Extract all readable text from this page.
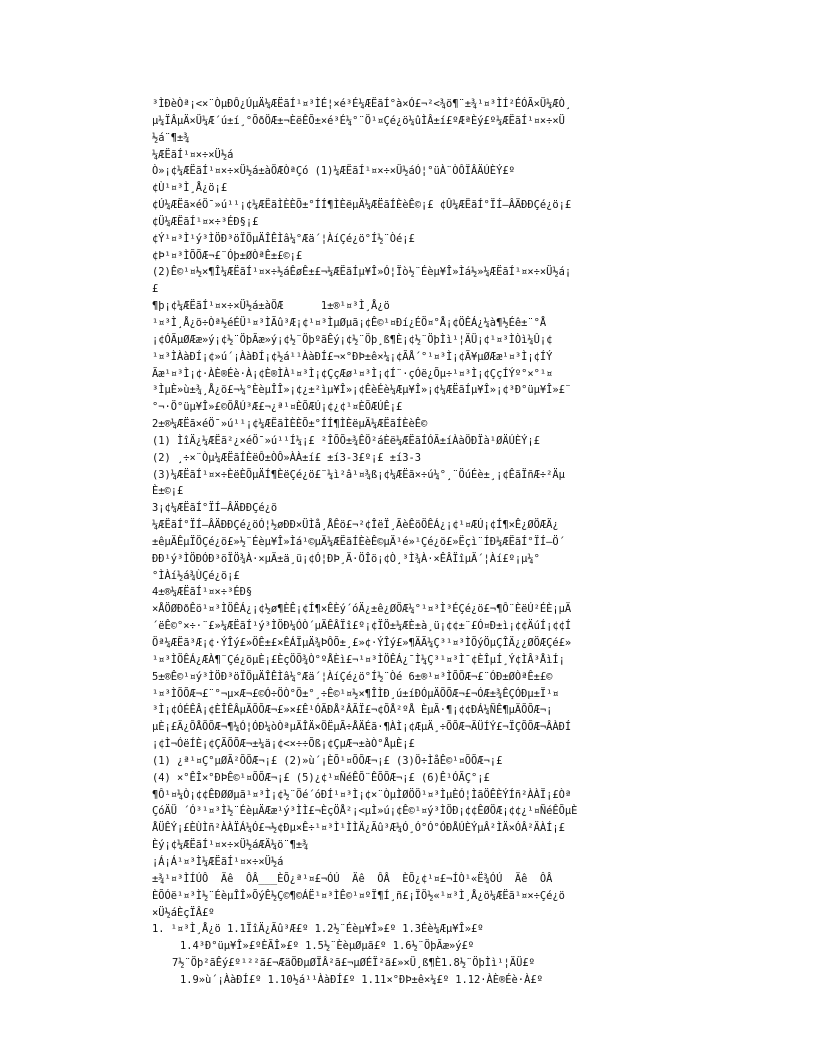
³ÌÐèÒª¡<×¨ÒµÐÔ¿ÚµÄ¼ÆËãÍ¹¤³ÌÉ¦×é³É¼ÆËãÍ°à×Ó£¬²<¾ö¶¨±¾¹¤³ÌÍ²ÉÓÃ×Ü¼ÆÒ¸
µ¼ÏÂµÄ×Ü¼Æ´ú±í¸°ÕðÖÆ±¬ÈëÊÕ±×é³É¼°¨Ö¹¤Çé¿ö¼ûÌÂ±í£ºÆªÈý£º¼ÆËãÍ¹¤×÷×Ü
½á¨¶±¾
¼ÆËãÍ¹¤×÷×Ü½á
Ò»¡¢¼ÆËãÍ¹¤×÷×Ü½á±àÖÆÒªÇó (1)¼ÆËãÍ¹¤×÷×Ü½áÓ¦°üÀ¨ÒÔÏÂÄÚÈÝ£º
¢Ù¹¤³Ì¸Å¿ö¡£
¢Ú¼ÆËã×éÖ¯»ú¹¹¡¢¼ÆËãÌÈÈÕ±°ÍÍ¶ÌÈëµÄ¼ÆËãÍÈèÊ©¡£ ¢Û¼ÆËãÍ°ÏÍ—ÂÄÐÐÇé¿ö¡£
¢Ü¼ÆËãÍ¹¤×÷³ÉÐ§¡£
¢Ý¹¤³Ì¹ý³ÌÖÐ³öÏÖµÄÎÊÌâ¼°Æä´¦ÀíÇé¿ö°Í½¨Òé¡£
¢Þ¹¤³ÌÕÕÆ¬£¨Óþ±ØÒªÊ±£©¡£
(2)Ê©¹¤½×¶Î¼ÆËãÍ¹¤×÷½áÊøÊ±£¬¼ÆËãÍµ¥Î»Ó¦Ïò½¨Éèµ¥Î»Ìá½»¼ÆËãÍ¹¤×÷×Ü½á¡
£
¶þ¡¢¼ÆËãÍ¹¤×÷×Ü½á±àÖÆ      1±®¹¤³Ì¸Å¿ö
¹¤³Ì¸Å¿ö÷Òª½éÉÜ¹¤³ÌÃû³Æ¡¢¹¤³ÌµØµã¡¢Ê©¹¤Ðí¿ÉÖ¤°Å¡¢ÖÊÁ¿¼à¶½Éê±¨°Å
¡¢ÓÃµØÆæ»ý¡¢½¨ÖþÃæ»ý¡¢½¨ÖþºãÊý¡¢½¨Öþ¸ß¶È¡¢½¨ÖþÌì¹¦ÄÜ¡¢¹¤³ÌÒì¼Û¡¢
¹¤³ÌÀàÐÍ¡¢»ú´¡ÀàÐÍ¡¢½á¹¹ÀàÐÍ£¬×°ÐÞ±ê×¼¡¢ÃÅ´°¹¤³Ì¡¢Ã¥µØÆæ¹¤³Ì¡¢ÍÝ
Ãæ¹¤³Ì¡¢·ÀÈ®Éè·À¡¢È®ÌÀ¹¤³Ì¡¢ÇçÆø¹¤³Ì¡¢Í¨·çÓë¿Õµ÷¹¤³Ì¡¢ÇçÍÝº°×°¹¤
³ÌµÈ»ù±¾¸Å¿ö£¬¼°ÈèµÎÎ»¡¢¿±²ìµ¥Î»¡¢ÊèÉè¼Æµ¥Î»¡¢¼ÆËãÍµ¥Î»¡¢³Ð°üµ¥Î»£¨
°¬·Ö°üµ¥Î»£©ÕÅÚ³Æ£¬¿ª¹¤ÈÕÆÚ¡¢¿¢¹¤ÈÕÆÚÊ¡£
2±®¼ÆËã×éÖ¯»ú¹¹¡¢¼ÆËãÌÈÈÕ±°ÍÍ¶ÌÈëµÄ¼ÆËãÍÈèÊ©
(1) ÌîÄ¿¼ÆËã²¿×éÖ¯»ú¹¹Í¼¡£ ²ÎÕÕ±¾ÊÖ²áÈë¼ÆËãÍÓÃ±íÀàÖÐÏà¹ØÄÚÈÝ¡£
(2) ¸÷×¨Òµ¼ÆËãÍÈëÔ±ÒÔ»ÀÀ±í£ ±í3-3£º¡£ ±í3-3
(3)¼ÆËãÍ¹¤×÷ÈëÈÕµÄÍ¶ÈëÇé¿ö£¨¼ì²â¹¤¾ß¡¢¼ÆËã×÷ú¼°¸¨ÖúÉè±¸¡¢ÊãÏñÆ÷²Äµ
È±©¡£
3¡¢¼ÆËãÍ°ÏÍ—ÂÄÐÐÇé¿ö
¼ÆËãÍ°ÏÍ—ÂÄÐÐÇé¿öÓ¦½øÐÐ×ÜÌå¸ÅÊö£¬²¢ÎëÏ¸ÃèÊöÖÊÁ¿¡¢¹¤ÆÚ¡¢Í¶×Ê¿ØÖÆÄ¿
±êµÄÊµÏÖÇé¿ö£»½¨Éèµ¥Î»Ìá¹©µÄ¼ÆËãÍÈèÊ©µÄ¹é»¹Çé¿ö£»Ëçì¨ÍÐ¼ÆËãÍ°ÏÍ—Ö´
ÐÐ¹ý³ÌÖÐÓÐ³öÏÖ¾À·×µÄ±ä¸ü¡¢Ó¦ÐÞ¸Ä·ÖÎö¡¢Ò¸³Ì¾À·×ÊÂÏîµÄ´¦Àí£º¡µ¼°
°ÌÀí½á¾ÙÇé¿ö¡£
4±®¼ÆËãÍ¹¤×÷³ÉÐ§
×ÅÖØÐðÊö¹¤³ÌÖÊÁ¿¡¢½ø¶ÈÊ¡¢Í¶×ÊÈý´óÄ¿±ê¿ØÖÆ¼°¹¤³Ì³ÉÇé¿ö£¬¶Ô¨ÈëÚ²ÉÈ¡µÄ
´ëÊ©°×÷·¨£»¼ÆËãÍ¹ý³ÌÖÐ¼ÓÒ´µÄÊÂÏî£º¡¢ÏÖ±¼ÆÈ±à¸ü¡¢¢±¨£Ó¤Ð±ì¡¢¢ÄúÍ¡¢¢Í
Öª¼ÆËã³Æ¡¢·ÝÎý£»ÖÊ±£×ÊÁÏµÄ¾ÞÔÕ±¸£»¢·ÝÎý£»¶ÄÃ¼Ç³¹¤³ÌÕýÖµÇÎÄ¿¿ØÖÆÇé£»
¹¤³ÌÖÊÁ¿ÆÀ¶¨Çé¿öµÈ¡£ÈçÖÕ¾Ò°ºÅÈì£¬¹¤³ÌÖÊÁ¿¯Ì¼Ç³¹¤³Ì¯¢ÈÎµÍ¸Ý¢ÌÂ³ÅìÍ¡
5±®Ê©¹¤ý³ÌÖÐ³öÏÖµÄÎÊÌâ¼°Æä´¦ÀíÇé¿ö°Í½¨Òé 6±®¹¤³ÌÕÕÆ¬£¨ÓÐ±ØÒªÊ±£©
¹¤³ÌÕÕÆ¬£¨°¬µ×Æ¬£©Ó÷ÖÒ°Ö±°¸÷Ê©¹¤½×¶ÎÌÐ¸ú±íÐÓµÄÕÕÆ¬£¬ÓÆ±¾ÊÇÓÐµ±Ï¹¤
³Ì¡¢ÓÉÊÂ¡¢ÈÎÊÂµÄÕÕÆ¬£»×£Ê¹ÓÃÐÅ²ÂÃÏ£¬¢ÕÅ²ºÅ ÈµÃ·¶¡¢¢ÐÁ¼ÑÊ¶µÄÕÕÆ¬¡
µÈ¡£Ã¿ÕÅÕÕÆ¬¶¼Ó¦ÓÐ¼òÒªµÄÎÄ×ÖËµÃ÷ÅÄÉã·¶ÀÌ¡¢ÆµÄ¸÷ÕÕÆ¬ÃÜÍÝ£¬ÏÇÕÕÆ¬ÂÀÐÍ
¡¢Ì¬ÓëÍÈ¡¢ÇÃÕÕÆ¬±¼ä¡¢<×÷÷Õß¡¢ÇµÆ¬±àÒ°ÅµÈ¡£
(1) ¿ª¹¤Ç°µØÃ²ÕÕÆ¬¡£ (2)»ù´¡ÈÕ¹¤ÕÕÆ¬¡£ (3)Ö÷ÌåÊ©¹¤ÕÕÆ¬¡£
(4) ×°ÊÎ×°ÐÞÊ©¹¤ÕÕÆ¬¡£ (5)¿¢¹¤ÑéÊÕ¨ÊÕÕÆ¬¡£ (6)Ê¹ÓÃÇ°¡£
¶Ô¹¤¼Ò¡¢¢ÊÐØØµã¹¤³Ì¡¢½¨Öé´óÐÍ¹¤³Ì¡¢×¨ÒµÌØÖÖ¹¤³ÌµÈÓ¦ÌãÖÊÈÝÍñ²ÀÀÏ¡£Òª
ÇóÄÜ ´Ó³¹¤³Ì½¨ÉèµÄÆæ¹ý³ÌÌ£¬ÈçÖÅ²¡<µÌ»ú¡¢Ê©¹¤ý³ÌÖÐ¡¢¢ÊØÖÆ¡¢¢¿¹¤ÑéÊÕµÈ
ÅÜÊÝ¡£ÈÙÌñ²ÀÀÏÁ¼Ó£¬½¢Ðµ×Ê÷¹¤³Ì¹ÌÌÄ¿Ãû³Æ¼Ó¸Ó°Ó°ÓÐÅÚÈÝµÂ²ÌÄ×ÓÂ²ÄÀÍ¡£
Èý¡¢¼ÆËãÍ¹¤×÷×Ü½áÆÄ¼ö¨¶±¾
¡Á¡Á¹¤³Ì¼ÆËãÍ¹¤×÷×Ü½á
±¾¹¤³ÌÍÚÔ  Äê  ÔÂ___ÈÕ¿ª¹¤£¬ÓÚ  Äê  ÔÂ  ÈÕ¿¢¹¤£¬ÍÒ¹«Ë¾ÓÚ  Äê  ÔÂ
ÈÕÓë¹¤³Ì½¨ÉèµÎÎ»ÕýÊ½Ç©¶©ÁË¹¤³ÌÊ©¹¤ºÏ¶Í¸ñ£¡ÏÖ½«¹¤³Ì¸Å¿ö¼ÆËã¹¤×÷Çé¿ö
×Ü½áÈçÏÂ£º
1. ¹¤³Ì¸Å¿ö 1.1ÏîÄ¿Ãû³Æ£º 1.2½¨Éèµ¥Î»£º 1.3Éè¼Æµ¥Î»£º
1.4³Ð°üµ¥Î»£ºÈÃÎ»£º 1.5½¨ÈèµØµã£º 1.6½¨ÖþÃæ»ý£º
7½¨Öþ²ãÊý£º¹²²ã£¬ÆäÖÐµØÏÂ²ã£¬µØÉÏ²ã£»×Ü¸ß¶È1.8½¨ÖþÌì¹¦ÄÜ£º
1.9»ù´¡ÀàÐÍ£º 1.10½á¹¹ÀàÐÍ£º 1.11×°ÐÞ±ê×¼£º 1.12·ÀÈ®Éè·À£º
